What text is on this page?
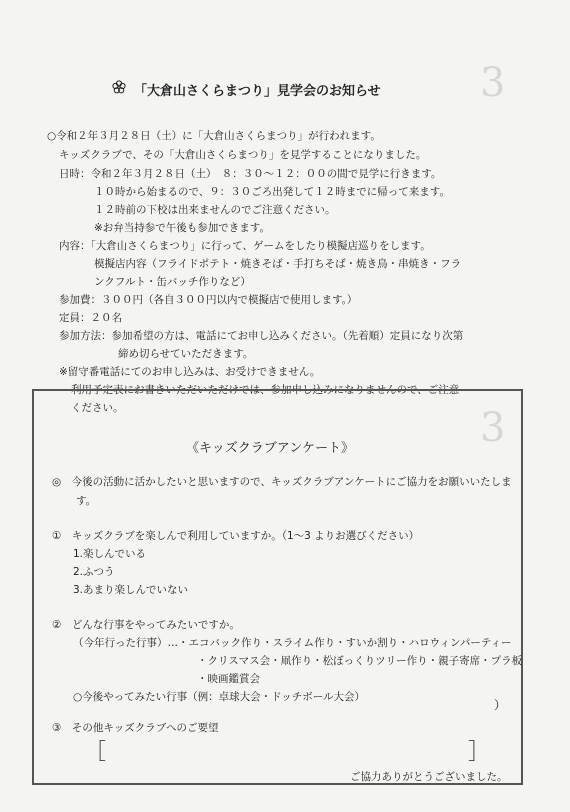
3
3
「大倉山さくらまつり」見学会のお知らせ
○令和２年３月２８日（土）に「大倉山さくらまつり」が行われます。
キッズクラブで、その「大倉山さくらまつり」を見学することになりました。
日時：令和２年３月２８日（土）　８：３０〜１２：００の間で見学に行きます。
１０時から始まるので、９：３０ごろ出発して１２時までに帰って来ます。
１２時前の下校は出来ませんのでご注意ください。
※お弁当持参で午後も参加できます。
内容：「大倉山さくらまつり」に行って、ゲームをしたり模擬店巡りをします。
模擬店内容（フライドポテト・焼きそば・手打ちそば・焼き鳥・串焼き・フラ
ンクフルト・缶バッチ作りなど）
参加費：３００円（各自３００円以内で模擬店で使用します。）
定員：２０名
参加方法：参加希望の方は、電話にてお申し込みください。（先着順）定員になり次第
締め切らせていただきます。
※留守番電話にてのお申し込みは、お受けできません。
利用予定表にお書きいただいただけでは、参加申し込みになりませんので、ご注意
ください。
《キッズクラブアンケート》
◎　今後の活動に活かしたいと思いますので、キッズクラブアンケートにご協力をお願いいたしま
す。
①　キッズクラブを楽しんで利用していますか。（1〜3 よりお選びください）
1.楽しんでいる
2.ふつう
3.あまり楽しんでいない
②　どんな行事をやってみたいですか。
（今年行った行事）…・エコバック作り・スライム作り・すいか割り・ハロウィンパーティー
・クリスマス会・凧作り・松ぼっくりツリー作り・親子寄席・プラ板
・映画鑑賞会
○今後やってみたい行事（例：卓球大会・ドッチボール大会）
）
③　その他キッズクラブへのご要望
［	］
ご協力ありがとうございました。
